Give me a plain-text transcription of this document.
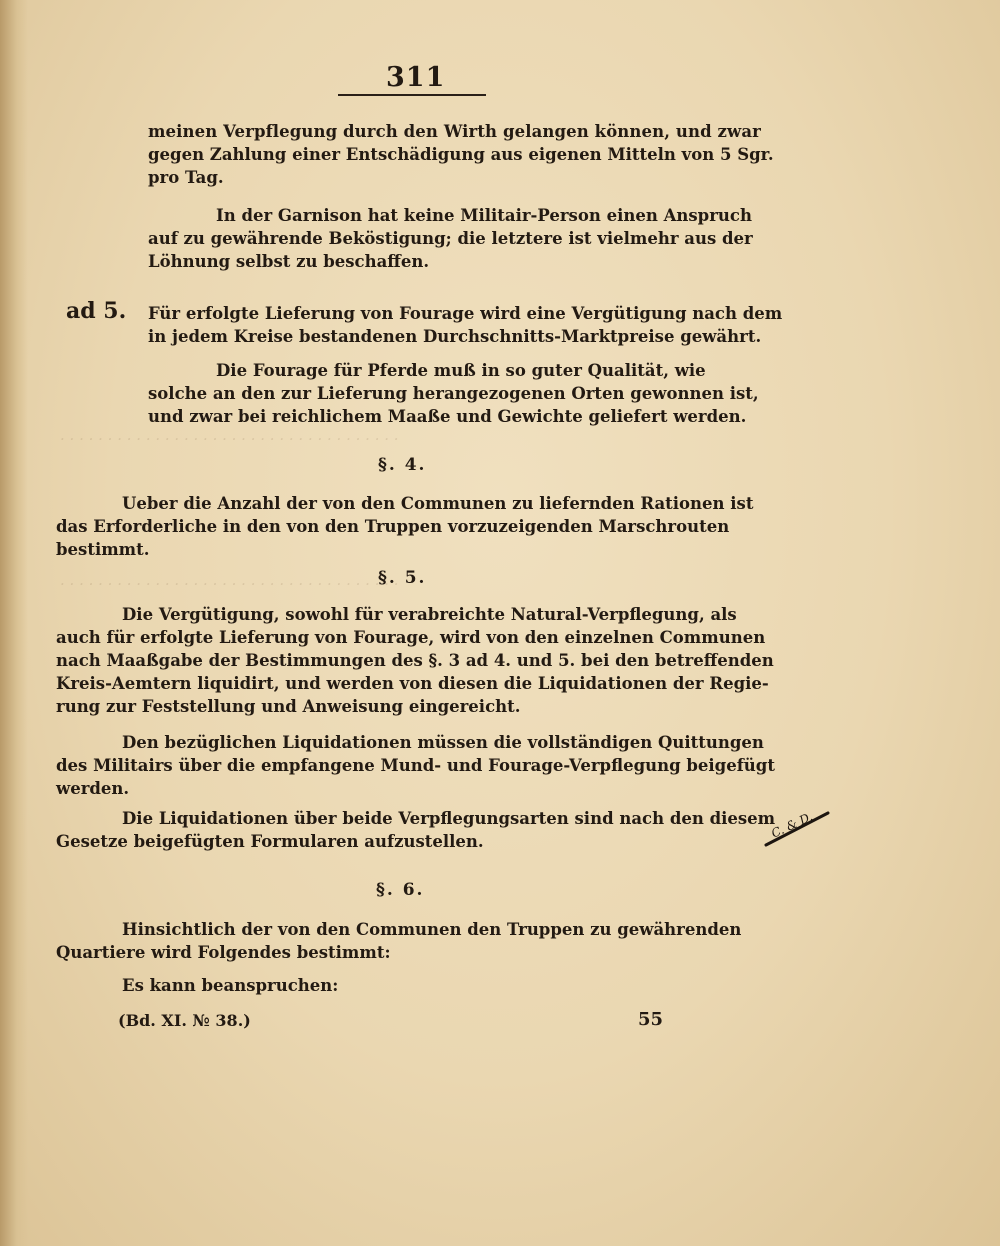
· · · · · · · · · · · · · · · · · · · · · · · · · · · · · · · · · · · ·
· · · · · · · · · · · · · · · · · · · · · · · · · · · · · · · · · · · ·
311
meinen Verpflegung durch den Wirth gelangen können, und zwar
gegen Zahlung einer Entschädigung aus eigenen Mitteln von 5 Sgr.
pro Tag.
In der Garnison hat keine Militair-Person einen Anspruch
auf zu gewährende Beköstigung; die letztere ist vielmehr aus der
Löhnung selbst zu beschaffen.
ad 5. Für erfolgte Lieferung von Fourage wird eine Vergütigung nach dem
in jedem Kreise bestandenen Durchschnitts-Marktpreise gewährt.
Die Fourage für Pferde muß in so guter Qualität, wie
solche an den zur Lieferung herangezogenen Orten gewonnen ist,
und zwar bei reichlichem Maaße und Gewichte geliefert werden.
§. 4.
Ueber die Anzahl der von den Communen zu liefernden Rationen ist
das Erforderliche in den von den Truppen vorzuzeigenden Marschrouten
bestimmt.
§. 5.
Die Vergütigung, sowohl für verabreichte Natural-Verpflegung, als
auch für erfolgte Lieferung von Fourage, wird von den einzelnen Communen
nach Maaßgabe der Bestimmungen des §. 3 ad 4. und 5. bei den betreffenden
Kreis-Aemtern liquidirt, und werden von diesen die Liquidationen der Regie-
rung zur Feststellung und Anweisung eingereicht.
Den bezüglichen Liquidationen müssen die vollständigen Quittungen
des Militairs über die empfangene Mund- und Fourage-Verpflegung beigefügt
werden.
Die Liquidationen über beide Verpflegungsarten sind nach den diesem
Gesetze beigefügten Formularen aufzustellen.
C. & D.
§. 6.
Hinsichtlich der von den Communen den Truppen zu gewährenden
Quartiere wird Folgendes bestimmt:
Es kann beanspruchen:
(Bd. XI. № 38.)	55
